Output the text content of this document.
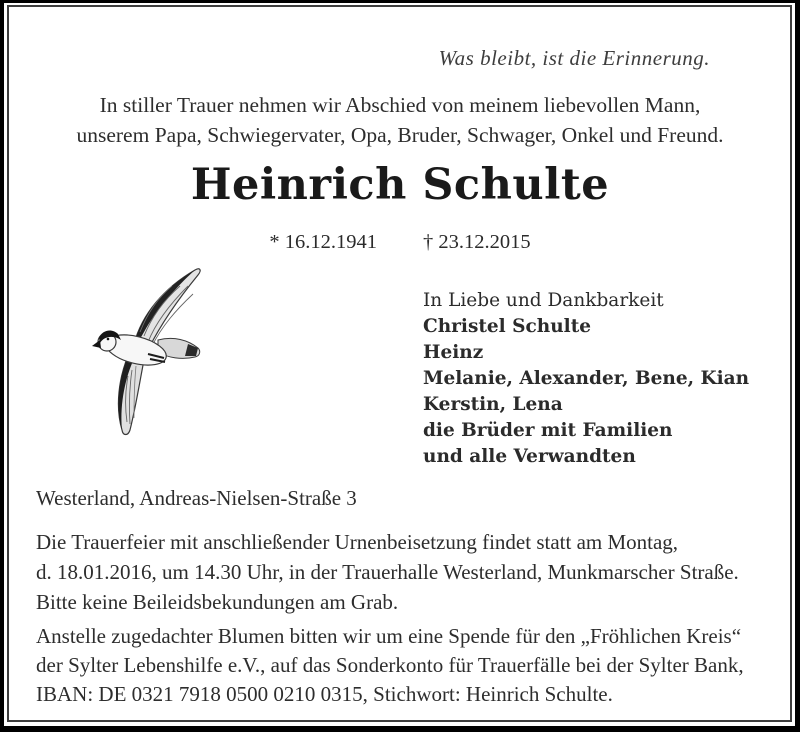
Was bleibt, ist die Erinnerung.
In stiller Trauer nehmen wir Abschied von meinem liebevollen Mann,
unserem Papa, Schwiegervater, Opa, Bruder, Schwager, Onkel und Freund.
Heinrich Schulte
* 16.12.1941 † 23.12.2015
In Liebe und Dankbarkeit
Christel Schulte
Heinz
Melanie, Alexander, Bene, Kian
Kerstin, Lena
die Brüder mit Familien
und alle Verwandten
Westerland, Andreas-Nielsen-Straße 3
Die Trauerfeier mit anschließender Urnenbeisetzung findet statt am Montag,
d. 18.01.2016, um 14.30 Uhr, in der Trauerhalle Westerland, Munkmarscher Straße.
Bitte keine Beileidsbekundungen am Grab.
Anstelle zugedachter Blumen bitten wir um eine Spende für den „Fröhlichen Kreis“
der Sylter Lebenshilfe e.V., auf das Sonderkonto für Trauerfälle bei der Sylter Bank,
IBAN: DE 0321 7918 0500 0210 0315, Stichwort: Heinrich Schulte.
